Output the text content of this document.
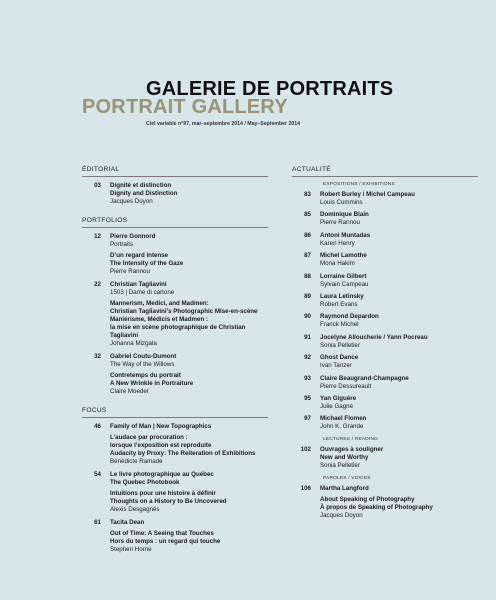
GALERIE DE PORTRAITS
PORTRAIT GALLERY
Ciel variable n°97, mai–septembre 2014 / May–September 2014
ÉDITORIAL
03	Dignité et distinction
Dignity and Distinction
Jacques Doyon
PORTFOLIOS
12	Pierre Gonnord
Portraits
D’un regard intense
The Intensity of the Gaze
Pierre Rannou
22	Christian Tagliavini
1503 | Dame di cartone
Mannerism, Medici, and Madmen:
Christian Tagliavini’s Photographic Mise-en-scène
Maniérisme, Médicis et Madmen :
la mise en scène photographique de Christian Tagliavini
Johanna Mizgala
32	Gabriel Coutu-Dumont
The Way of the Willows
Contretemps du portrait
A New Wrinkle in Portraiture
Claire Moeder
FOCUS
46	Family of Man | New Topographics
L’audace par procuration :
lorsque l’exposition est reproduite
Audacity by Proxy: The Reiteration of Exhibitions
Bénédicte Ramade
54	Le livre photographique au Québec
The Quebec Photobook
Intuitions pour une histoire à définir
Thoughts on a History to Be Uncovered
Alexis Desgagnés
61	Tacita Dean
Out of Time: A Seeing that Touches
Hors du temps : un regard qui touche
Stephen Horne
ACTUALITÉ
EXPOSITIONS / EXHIBITIONS
83	Robert Burley / Michel Campeau
Louis Cummins
85	Dominique Blain
Pierre Rannou
86	Antoni Muntadas
Karen Henry
87	Michel Lamothe
Mona Hakim
88	Lorraine Gilbert
Sylvain Campeau
89	Laura Letinsky
Robert Evans
90	Raymond Depardon
Franck Michel
91	Jocelyne Alloucherie / Yann Pocreau
Sonia Pelletier
92	Ghost Dance
Ivan Tanzer
93	Claire Beaugrand-Champagne
Pierre Dessureault
95	Yan Giguère
Julie Gagné
97	Michael Flomen
John K. Grande
LECTURES / READING
102	Ouvrages à souligner
New and Worthy
Sonia Pelletier
PAROLES / VOICES
106	Martha Langford
About Speaking of Photography
À propos de Speaking of Photography
Jacques Doyon
